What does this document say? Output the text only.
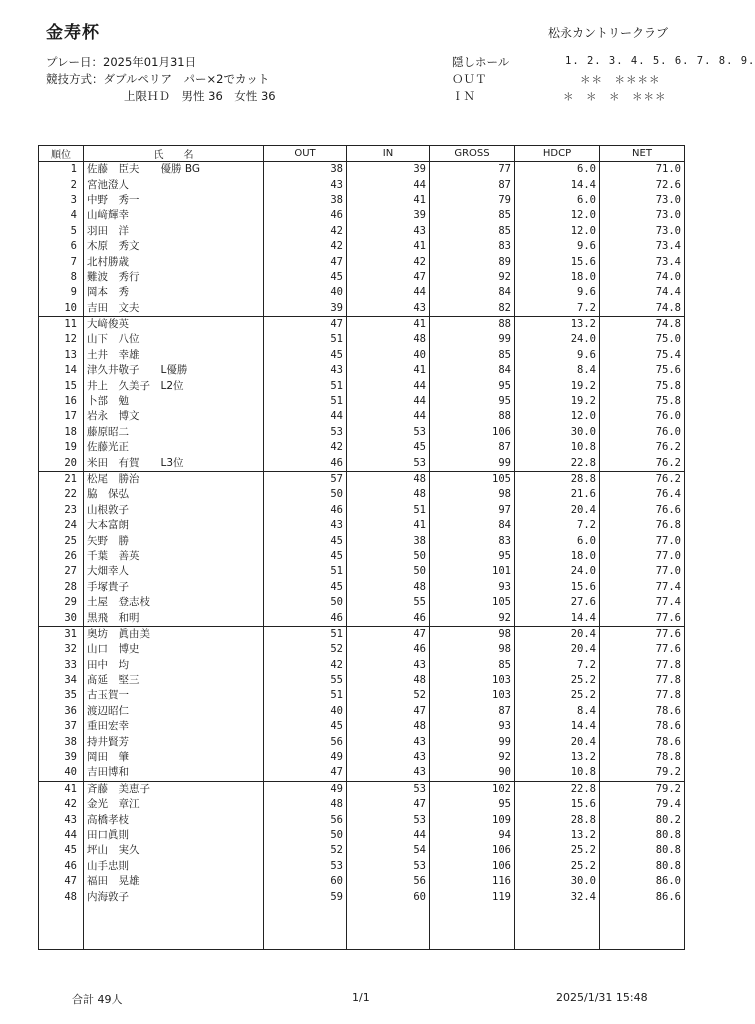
金寿杯	松永カントリークラブ
プレー日：2025年01月31日
競技方式：ダブルペリア　パー×2でカット
上限ＨＤ　男性 36　女性 36
隠しホール	1. 2. 3. 4. 5. 6. 7. 8. 9.
ＯＵＴ	＊＊　＊＊＊＊
ＩＮ	＊　＊　＊　＊＊＊
順位	氏　　名	OUT	IN	GROSS	HDCP	NET
1	佐藤　臣夫　　優勝 BG	38	39	77	6.0	71.0
2	宮池澄人	43	44	87	14.4	72.6
3	中野　秀一	38	41	79	6.0	73.0
4	山﨑輝幸	46	39	85	12.0	73.0
5	羽田　洋	42	43	85	12.0	73.0
6	木原　秀文	42	41	83	9.6	73.4
7	北村勝歳	47	42	89	15.6	73.4
8	難波　秀行	45	47	92	18.0	74.0
9	岡本　秀	40	44	84	9.6	74.4
10	吉田　文夫	39	43	82	7.2	74.8
11	大﨑俊英	47	41	88	13.2	74.8
12	山下　八位	51	48	99	24.0	75.0
13	土井　幸雄	45	40	85	9.6	75.4
14	津久井敬子　　L優勝	43	41	84	8.4	75.6
15	井上　久美子　L2位	51	44	95	19.2	75.8
16	卜部　勉	51	44	95	19.2	75.8
17	岩永　博文	44	44	88	12.0	76.0
18	藤原昭二	53	53	106	30.0	76.0
19	佐藤光正	42	45	87	10.8	76.2
20	米田　有賀　　L3位	46	53	99	22.8	76.2
21	松尾　勝治	57	48	105	28.8	76.2
22	脇　保弘	50	48	98	21.6	76.4
23	山根敦子	46	51	97	20.4	76.6
24	大本富朗	43	41	84	7.2	76.8
25	矢野　勝	45	38	83	6.0	77.0
26	千葉　善英	45	50	95	18.0	77.0
27	大畑幸人	51	50	101	24.0	77.0
28	手塚貴子	45	48	93	15.6	77.4
29	土屋　登志枝	50	55	105	27.6	77.4
30	黒飛　和明	46	46	92	14.4	77.6
31	奥坊　眞由美	51	47	98	20.4	77.6
32	山口　博史	52	46	98	20.4	77.6
33	田中　均	42	43	85	7.2	77.8
34	髙延　堅三	55	48	103	25.2	77.8
35	古玉賀一	51	52	103	25.2	77.8
36	渡辺昭仁	40	47	87	8.4	78.6
37	重田宏幸	45	48	93	14.4	78.6
38	持井賢芳	56	43	99	20.4	78.6
39	岡田　肇	49	43	92	13.2	78.8
40	吉田博和	47	43	90	10.8	79.2
41	斉藤　美恵子	49	53	102	22.8	79.2
42	金光　章江	48	47	95	15.6	79.4
43	高橋孝枝	56	53	109	28.8	80.2
44	田口眞則	50	44	94	13.2	80.8
45	坪山　実久	52	54	106	25.2	80.8
46	山手忠則	53	53	106	25.2	80.8
47	福田　晃雄	60	56	116	30.0	86.0
48	内海敦子	59	60	119	32.4	86.6

合計 49人	1/1	2025/1/31 15:48
